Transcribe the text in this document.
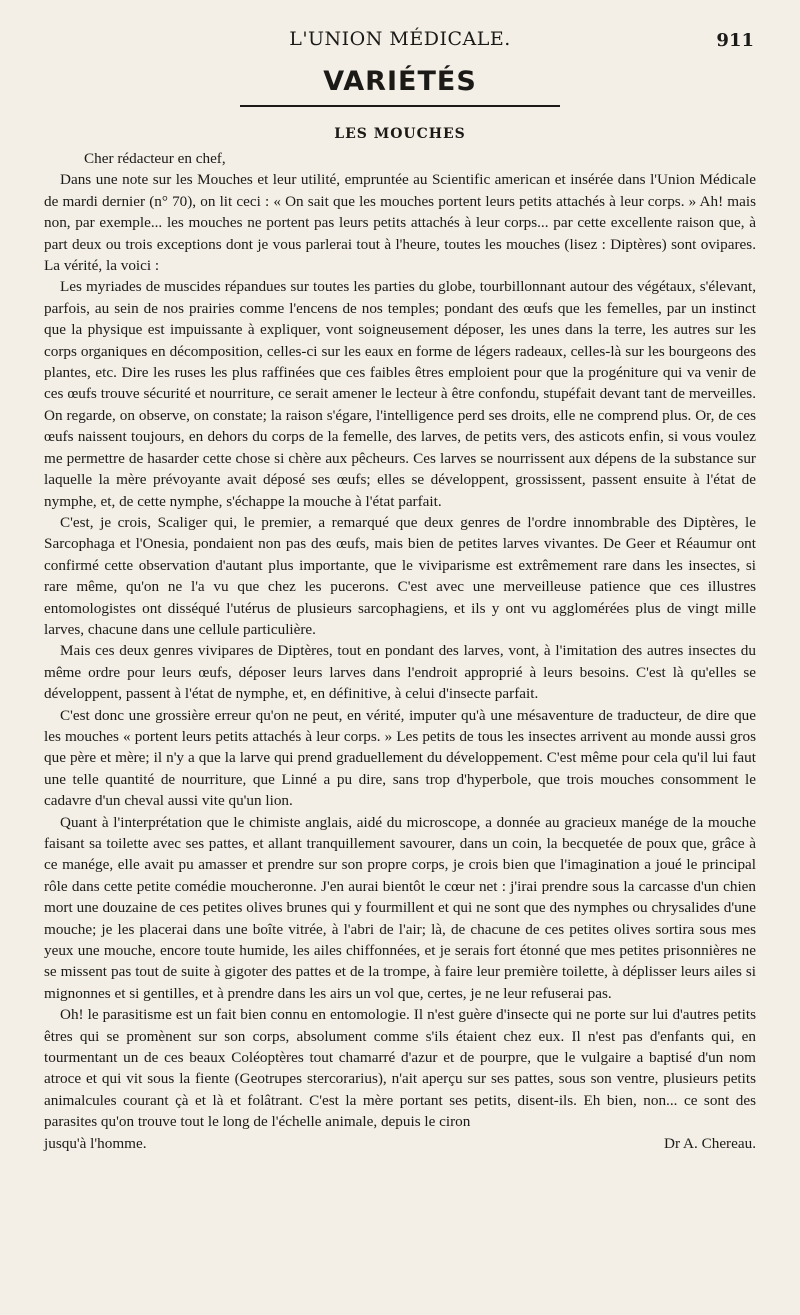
L'UNION MÉDICALE.	911
VARIÉTÉS
LES MOUCHES

Cher rédacteur en chef,

Dans une note sur les Mouches et leur utilité, empruntée au Scientific american et insérée dans l'Union Médicale de mardi dernier (n° 70), on lit ceci : « On sait que les mouches portent leurs petits attachés à leur corps. » Ah! mais non, par exemple... les mouches ne portent pas leurs petits attachés à leur corps... par cette excellente raison que, à part deux ou trois exceptions dont je vous parlerai tout à l'heure, toutes les mouches (lisez : Diptères) sont ovipares. La vérité, la voici :

Les myriades de muscides répandues sur toutes les parties du globe, tourbillonnant autour des végétaux, s'élevant, parfois, au sein de nos prairies comme l'encens de nos temples; pondant des œufs que les femelles, par un instinct que la physique est impuissante à expliquer, vont soigneusement déposer, les unes dans la terre, les autres sur les corps organiques en décomposition, celles-ci sur les eaux en forme de légers radeaux, celles-là sur les bourgeons des plantes, etc. Dire les ruses les plus raffinées que ces faibles êtres emploient pour que la progéniture qui va venir de ces œufs trouve sécurité et nourriture, ce serait amener le lecteur à être confondu, stupéfait devant tant de merveilles. On regarde, on observe, on constate; la raison s'égare, l'intelligence perd ses droits, elle ne comprend plus. Or, de ces œufs naissent toujours, en dehors du corps de la femelle, des larves, de petits vers, des asticots enfin, si vous voulez me permettre de hasarder cette chose si chère aux pêcheurs. Ces larves se nourrissent aux dépens de la substance sur laquelle la mère prévoyante avait déposé ses œufs; elles se développent, grossissent, passent ensuite à l'état de nymphe, et, de cette nymphe, s'échappe la mouche à l'état parfait.

C'est, je crois, Scaliger qui, le premier, a remarqué que deux genres de l'ordre innombrable des Diptères, le Sarcophaga et l'Onesia, pondaient non pas des œufs, mais bien de petites larves vivantes. De Geer et Réaumur ont confirmé cette observation d'autant plus importante, que le viviparisme est extrêmement rare dans les insectes, si rare même, qu'on ne l'a vu que chez les pucerons. C'est avec une merveilleuse patience que ces illustres entomologistes ont disséqué l'utérus de plusieurs sarcophagiens, et ils y ont vu agglomérées plus de vingt mille larves, chacune dans une cellule particulière.

Mais ces deux genres vivipares de Diptères, tout en pondant des larves, vont, à l'imitation des autres insectes du même ordre pour leurs œufs, déposer leurs larves dans l'endroit approprié à leurs besoins. C'est là qu'elles se développent, passent à l'état de nymphe, et, en définitive, à celui d'insecte parfait.

C'est donc une grossière erreur qu'on ne peut, en vérité, imputer qu'à une mésaventure de traducteur, de dire que les mouches « portent leurs petits attachés à leur corps. » Les petits de tous les insectes arrivent au monde aussi gros que père et mère; il n'y a que la larve qui prend graduellement du développement. C'est même pour cela qu'il lui faut une telle quantité de nourriture, que Linné a pu dire, sans trop d'hyperbole, que trois mouches consomment le cadavre d'un cheval aussi vite qu'un lion.

Quant à l'interprétation que le chimiste anglais, aidé du microscope, a donnée au gracieux manége de la mouche faisant sa toilette avec ses pattes, et allant tranquillement savourer, dans un coin, la becquetée de poux que, grâce à ce manége, elle avait pu amasser et prendre sur son propre corps, je crois bien que l'imagination a joué le principal rôle dans cette petite comédie moucheronne. J'en aurai bientôt le cœur net : j'irai prendre sous la carcasse d'un chien mort une douzaine de ces petites olives brunes qui y fourmillent et qui ne sont que des nymphes ou chrysalides d'une mouche; je les placerai dans une boîte vitrée, à l'abri de l'air; là, de chacune de ces petites olives sortira sous mes yeux une mouche, encore toute humide, les ailes chiffonnées, et je serais fort étonné que mes petites prisonnières ne se missent pas tout de suite à gigoter des pattes et de la trompe, à faire leur première toilette, à déplisser leurs ailes si mignonnes et si gentilles, et à prendre dans les airs un vol que, certes, je ne leur refuserai pas.

Oh! le parasitisme est un fait bien connu en entomologie. Il n'est guère d'insecte qui ne porte sur lui d'autres petits êtres qui se promènent sur son corps, absolument comme s'ils étaient chez eux. Il n'est pas d'enfants qui, en tourmentant un de ces beaux Coléoptères tout chamarré d'azur et de pourpre, que le vulgaire a baptisé d'un nom atroce et qui vit sous la fiente (Geotrupes stercorarius), n'ait aperçu sur ses pattes, sous son ventre, plusieurs petits animalcules courant çà et là et folâtrant. C'est la mère portant ses petits, disent-ils. Eh bien, non... ce sont des parasites qu'on trouve tout le long de l'échelle animale, depuis le ciron

jusqu'à l'homme.	Dr A. Chereau.
